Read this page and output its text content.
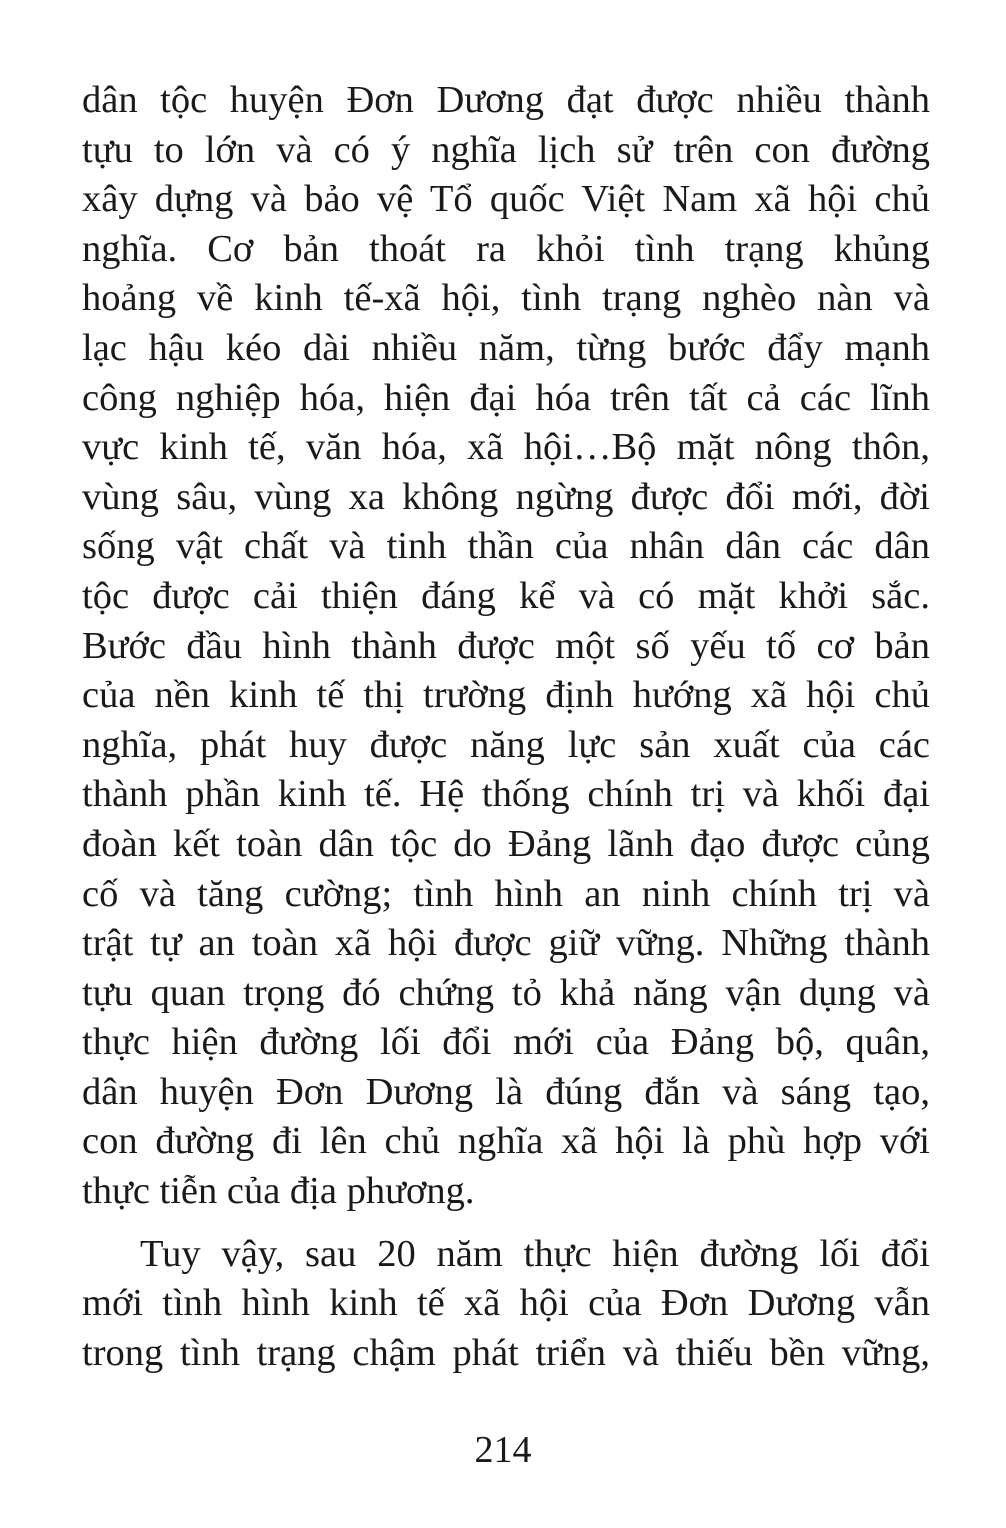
dân tộc huyện Đơn Dương đạt được nhiều thành
tựu to lớn và có ý nghĩa lịch sử trên con đường
xây dựng và bảo vệ Tổ quốc Việt Nam xã hội chủ
nghĩa. Cơ bản thoát ra khỏi tình trạng khủng
hoảng về kinh tế-xã hội, tình trạng nghèo nàn và
lạc hậu kéo dài nhiều năm, từng bước đẩy mạnh
công nghiệp hóa, hiện đại hóa trên tất cả các lĩnh
vực kinh tế, văn hóa, xã hội…Bộ mặt nông thôn,
vùng sâu, vùng xa không ngừng được đổi mới, đời
sống vật chất và tinh thần của nhân dân các dân
tộc được cải thiện đáng kể và có mặt khởi sắc.
Bước đầu hình thành được một số yếu tố cơ bản
của nền kinh tế thị trường định hướng xã hội chủ
nghĩa, phát huy được năng lực sản xuất của các
thành phần kinh tế. Hệ thống chính trị và khối đại
đoàn kết toàn dân tộc do Đảng lãnh đạo được củng
cố và tăng cường; tình hình an ninh chính trị và
trật tự an toàn xã hội được giữ vững. Những thành
tựu quan trọng đó chứng tỏ khả năng vận dụng và
thực hiện đường lối đổi mới của Đảng bộ, quân,
dân huyện Đơn Dương là đúng đắn và sáng tạo,
con đường đi lên chủ nghĩa xã hội là phù hợp với
thực tiễn của địa phương.
Tuy vậy, sau 20 năm thực hiện đường lối đổi
mới tình hình kinh tế xã hội của Đơn Dương vẫn
trong tình trạng chậm phát triển và thiếu bền vững,
214
